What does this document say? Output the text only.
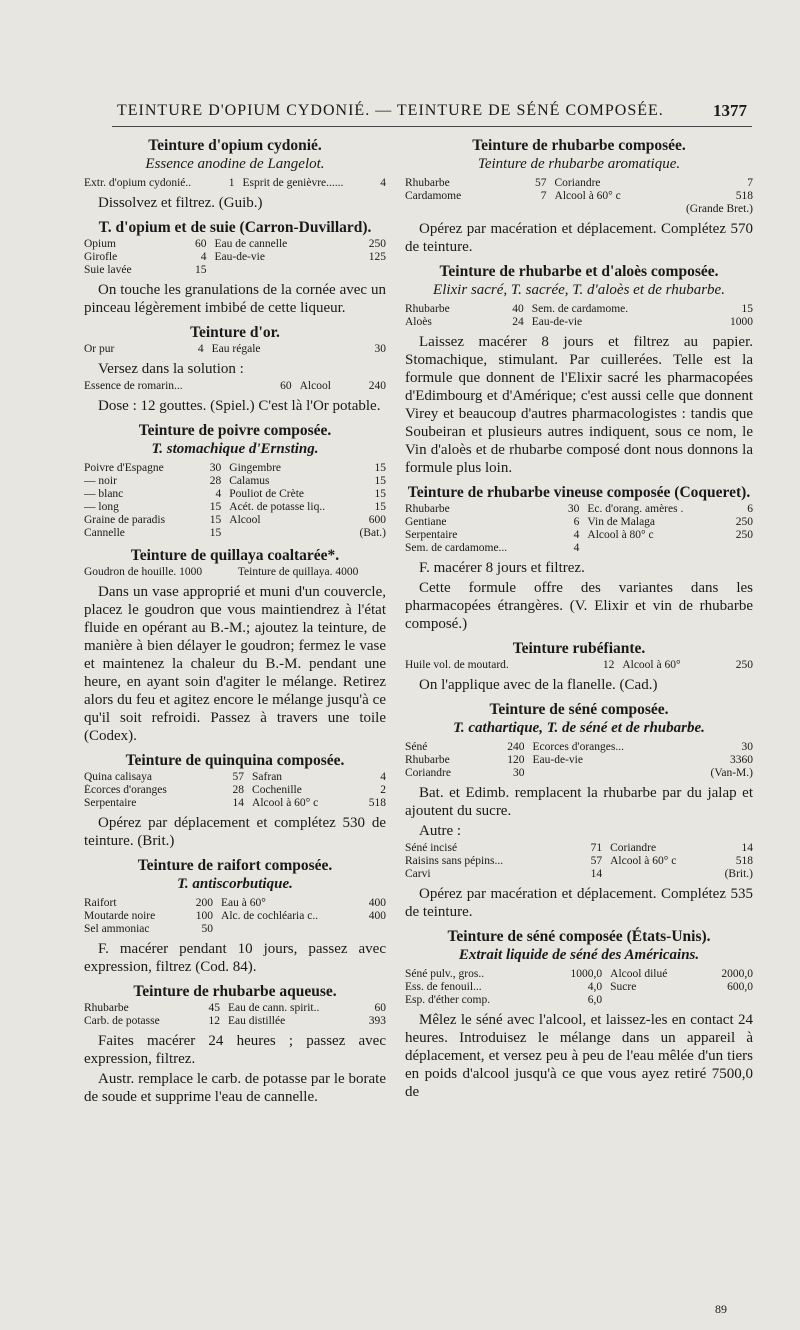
TEINTURE D'OPIUM CYDONIÉ. — TEINTURE DE SÉNÉ COMPOSÉE.	1377
Teinture d'opium cydonié.
Essence anodine de Langelot.
Extr. d'opium cydonié..	1	Esprit de genièvre......	4

Dissolvez et filtrez. (Guib.)

T. d'opium et de suie (Carron-Duvillard).
Opium	60	Eau de cannelle	250
Girofle	4	Eau-de-vie	125
Suie lavée	15		

On touche les granulations de la cornée avec un pinceau légèrement imbibé de cette liqueur.

Teinture d'or.
Or pur	4	Eau régale	30

Versez dans la solution :

Essence de romarin...	60	Alcool	240

Dose : 12 gouttes. (Spiel.) C'est là l'Or potable.

Teinture de poivre composée.
T. stomachique d'Ernsting.
Poivre d'Espagne	30	Gingembre	15
— noir	28	Calamus	15
— blanc	4	Pouliot de Crète	15
— long	15	Acét. de potasse liq..	15
Graine de paradis	15	Alcool	600
Cannelle	15		(Bat.)
Teinture de quillaya coaltarée*.
Goudron de houille. 1000		Teinture de quillaya. 4000	

Dans un vase approprié et muni d'un couvercle, placez le goudron que vous maintiendrez à l'état fluide en opérant au B.-M.; ajoutez la teinture, de manière à bien délayer le goudron; fermez le vase et maintenez la chaleur du B.-M. pendant une heure, en ayant soin d'agiter le mélange. Retirez alors du feu et agitez encore le mélange jusqu'à ce qu'il soit refroidi. Passez à travers une toile (Codex).

Teinture de quinquina composée.
Quina calisaya	57	Safran	4
Écorces d'oranges	28	Cochenille	2
Serpentaire	14	Alcool à 60° c	518

Opérez par déplacement et complétez 530 de teinture. (Brit.)

Teinture de raifort composée.
T. antiscorbutique.
Raifort	200	Eau à 60°	400
Moutarde noire	100	Alc. de cochléaria c..	400
Sel ammoniac	50		

F. macérer pendant 10 jours, passez avec expression, filtrez (Cod. 84).

Teinture de rhubarbe aqueuse.
Rhubarbe	45	Eau de cann. spirit..	60
Carb. de potasse	12	Eau distillée	393

Faites macérer 24 heures ; passez avec expression, filtrez.

Austr. remplace le carb. de potasse par le borate de soude et supprime l'eau de cannelle.

Teinture de rhubarbe composée.
Teinture de rhubarbe aromatique.
Rhubarbe	57	Coriandre	7
Cardamome	7	Alcool à 60° c	518
			(Grande Bret.)

Opérez par macération et déplacement. Complétez 570 de teinture.

Teinture de rhubarbe et d'aloès composée.
Elixir sacré, T. sacrée, T. d'aloès et de rhubarbe.
Rhubarbe	40	Sem. de cardamome.	15
Aloès	24	Eau-de-vie	1000

Laissez macérer 8 jours et filtrez au papier. Stomachique, stimulant. Par cuillerées. Telle est la formule que donnent de l'Elixir sacré les pharmacopées d'Edimbourg et d'Amérique; c'est aussi celle que donnent Virey et beaucoup d'autres pharmacologistes : tandis que Soubeiran et plusieurs autres indiquent, sous ce nom, le Vin d'aloès et de rhubarbe composé dont nous donnons la formule plus loin.

Teinture de rhubarbe vineuse composée (Coqueret).
Rhubarbe	30	Ec. d'orang. amères .	6
Gentiane	6	Vin de Malaga	250
Serpentaire	4	Alcool à 80° c	250
Sem. de cardamome...	4		

F. macérer 8 jours et filtrez.

Cette formule offre des variantes dans les pharmacopées étrangères. (V. Elixir et vin de rhubarbe composé.)

Teinture rubéfiante.
Huile vol. de moutard.	12	Alcool à 60°	250

On l'applique avec de la flanelle. (Cad.)

Teinture de séné composée.
T. cathartique, T. de séné et de rhubarbe.
Séné	240	Ecorces d'oranges...	30
Rhubarbe	120	Eau-de-vie	3360
Coriandre	30		(Van-M.)

Bat. et Edimb. remplacent la rhubarbe par du jalap et ajoutent du sucre.

Autre :

Séné incisé	71	Coriandre	14
Raisins sans pépins...	57	Alcool à 60° c	518
Carvi	14		(Brit.)

Opérez par macération et déplacement. Complétez 535 de teinture.

Teinture de séné composée (États-Unis).
Extrait liquide de séné des Américains.
Séné pulv., gros..	1000,0	Alcool dilué	2000,0
Ess. de fenouil...	4,0	Sucre	600,0
Esp. d'éther comp.	6,0		

Mêlez le séné avec l'alcool, et laissez-les en contact 24 heures. Introduisez le mélange dans un appareil à déplacement, et versez peu à peu de l'eau mêlée d'un tiers en poids d'alcool jusqu'à ce que vous ayez retiré 7500,0 de

89
